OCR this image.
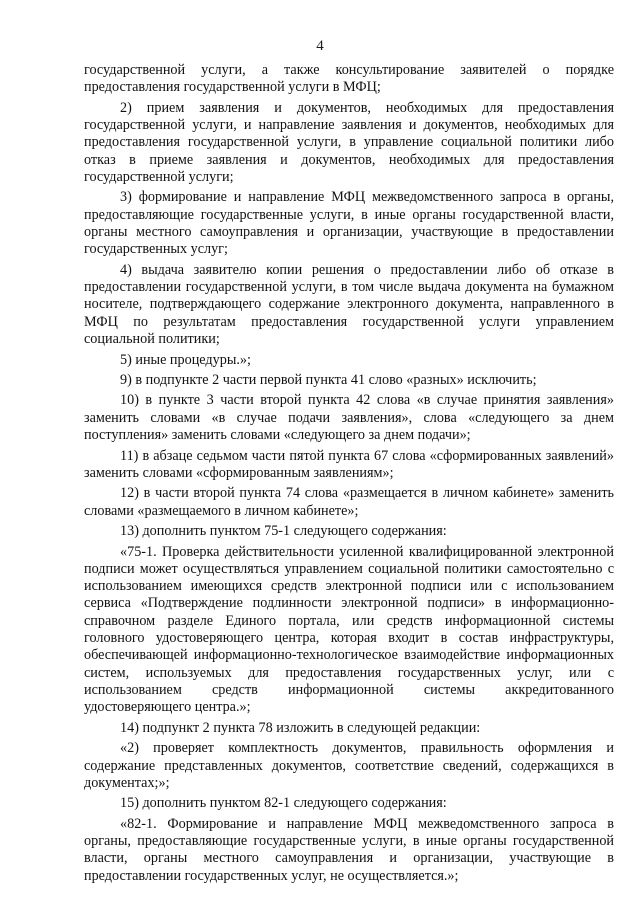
4

государственной услуги, а также консультирование заявителей о порядке предоставления государственной услуги в МФЦ;

2) прием заявления и документов, необходимых для предоставления государственной услуги, и направление заявления и документов, необходимых для предоставления государственной услуги, в управление социальной политики либо отказ в приеме заявления и документов, необходимых для предоставления государственной услуги;

3) формирование и направление МФЦ межведомственного запроса в органы, предоставляющие государственные услуги, в иные органы государственной власти, органы местного самоуправления и организации, участвующие в предоставлении государственных услуг;

4) выдача заявителю копии решения о предоставлении либо об отказе в предоставлении государственной услуги, в том числе выдача документа на бумажном носителе, подтверждающего содержание электронного документа, направленного в МФЦ по результатам предоставления государственной услуги управлением социальной политики;

5) иные процедуры.»;

9) в подпункте 2 части первой пункта 41 слово «разных» исключить;

10) в пункте 3 части второй пункта 42 слова «в случае принятия заявления» заменить словами «в случае подачи заявления», слова «следующего за днем поступления» заменить словами «следующего за днем подачи»;

11) в абзаце седьмом части пятой пункта 67 слова «сформированных заявлений» заменить словами «сформированным заявлениям»;

12) в части второй пункта 74 слова «размещается в личном кабинете» заменить словами «размещаемого в личном кабинете»;

13) дополнить пунктом 75-1 следующего содержания:

«75-1. Проверка действительности усиленной квалифицированной электронной подписи может осуществляться управлением социальной политики самостоятельно с использованием имеющихся средств электронной подписи или с использованием сервиса «Подтверждение подлинности электронной подписи» в информационно-справочном разделе Единого портала, или средств информационной системы головного удостоверяющего центра, которая входит в состав инфраструктуры, обеспечивающей информационно-технологическое взаимодействие информационных систем, используемых для предоставления государственных услуг, или с использованием средств информационной системы аккредитованного удостоверяющего центра.»;

14) подпункт 2 пункта 78 изложить в следующей редакции:

«2) проверяет комплектность документов, правильность оформления и содержание представленных документов, соответствие сведений, содержащихся в документах;»;

15) дополнить пунктом 82-1 следующего содержания:

«82-1. Формирование и направление МФЦ межведомственного запроса в органы, предоставляющие государственные услуги, в иные органы государственной власти, органы местного самоуправления и организации, участвующие в предоставлении государственных услуг, не осуществляется.»;
